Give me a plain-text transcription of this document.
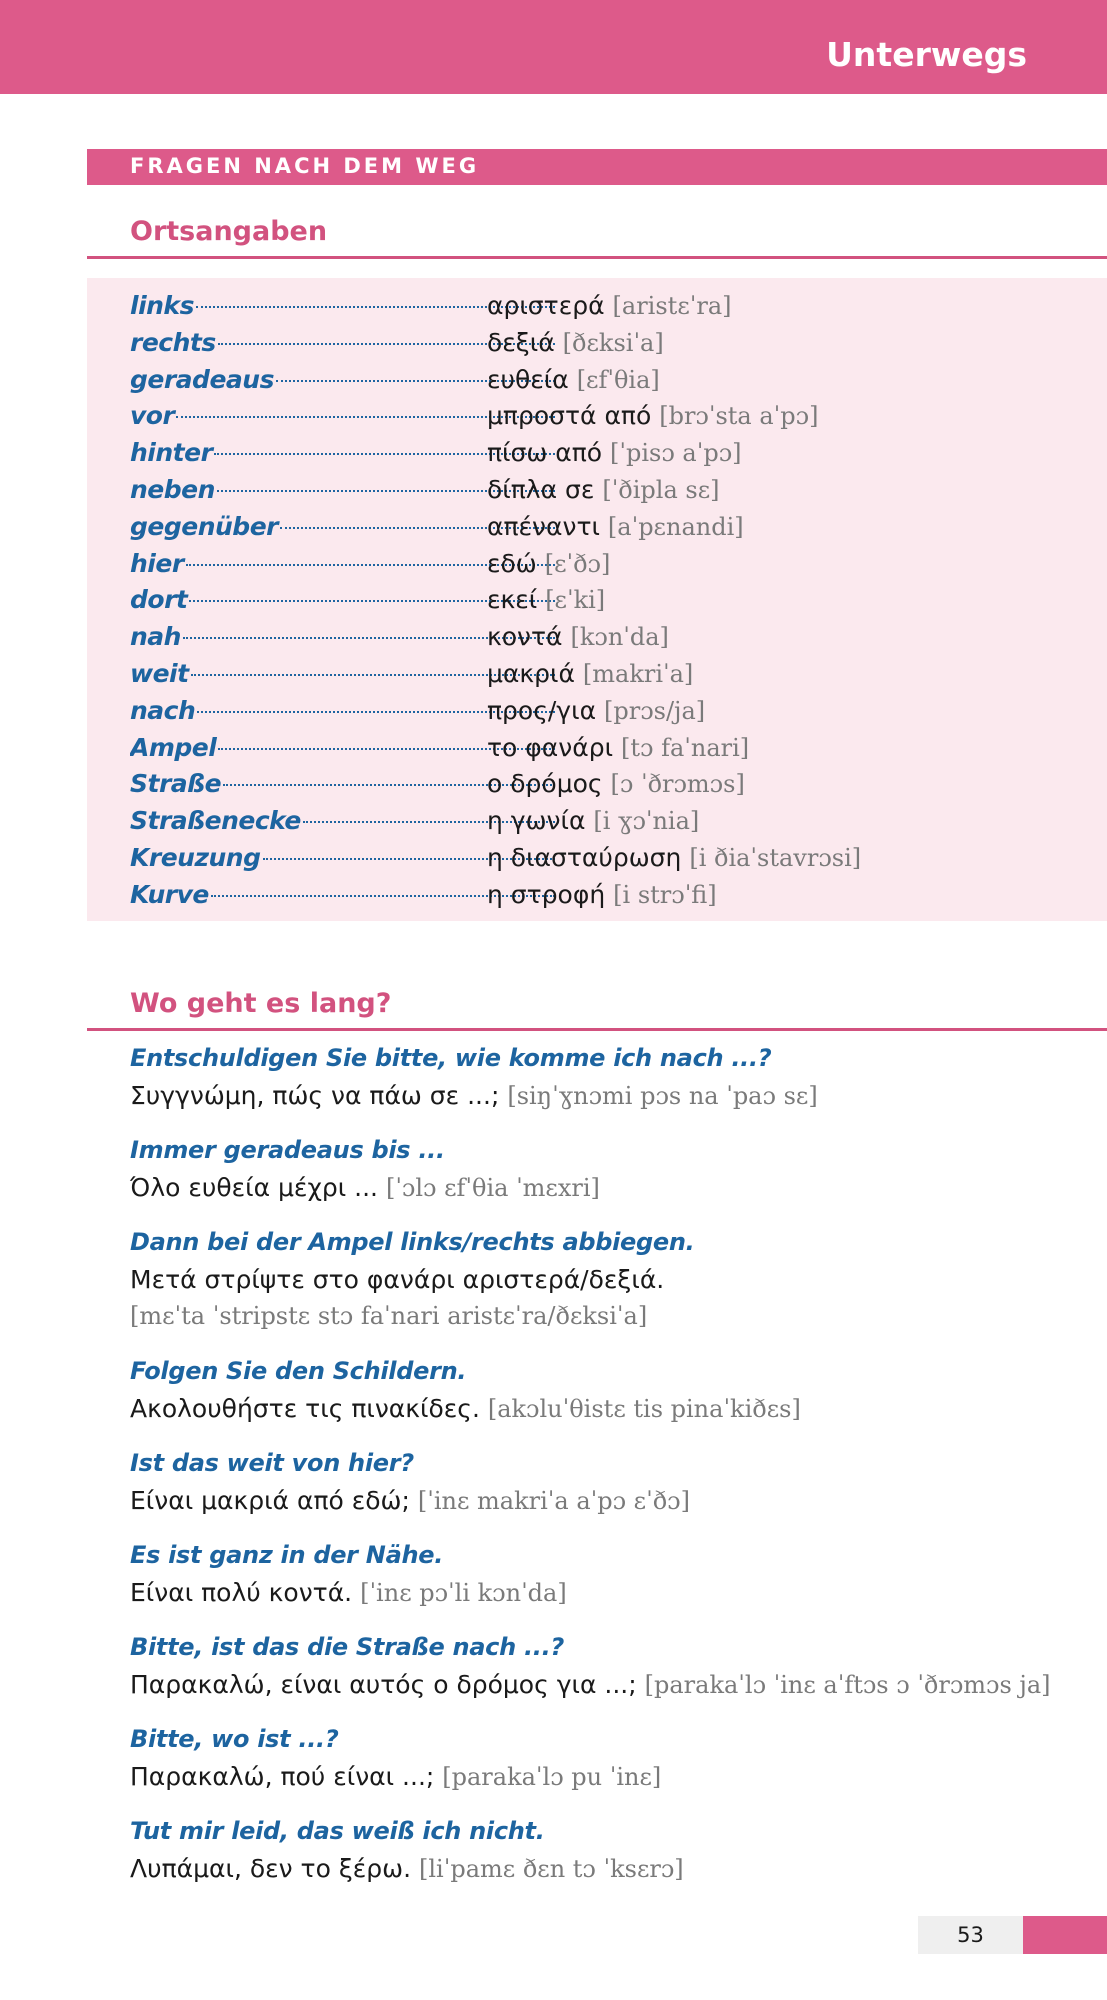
Unterwegs
FRAGEN NACH DEM WEG
Ortsangaben
links	αριστερά [aristɛˈra]
rechts	δεξιά [ðɛksiˈa]
geradeaus	ευθεία [ɛfˈθia]
vor	μπροστά από [brɔˈsta aˈpɔ]
hinter	πίσω από [ˈpisɔ aˈpɔ]
neben	δίπλα σε [ˈðipla sɛ]
gegenüber	απέναντι [aˈpɛnandi]
hier	εδώ [ɛˈðɔ]
dort	εκεί [ɛˈki]
nah	κοντά [kɔnˈda]
weit	μακριά [makriˈa]
nach	προς/για [prɔs/ja]
Ampel	το φανάρι [tɔ faˈnari]
Straße	ο δρόμος [ɔ ˈðrɔmɔs]
Straßenecke	η γωνία [i ɣɔˈnia]
Kreuzung	η διασταύρωση [i ðiaˈstavrɔsi]
Kurve	η στροφή [i strɔˈfi]
Wo geht es lang?
Entschuldigen Sie bitte, wie komme ich nach ...?
Συγγνώμη, πώς να πάω σε ...; [siŋˈɣnɔmi pɔs na ˈpaɔ sɛ]
Immer geradeaus bis ...
Όλο ευθεία μέχρι ... [ˈɔlɔ ɛfˈθia ˈmɛxri]
Dann bei der Ampel links/rechts abbiegen.
Μετά στρίψτε στο φανάρι αριστερά/δεξιά.
[mɛˈta ˈstripstɛ stɔ faˈnari aristɛˈra/ðɛksiˈa]
Folgen Sie den Schildern.
Ακολουθήστε τις πινακίδες. [akɔluˈθistɛ tis pinaˈkiðɛs]
Ist das weit von hier?
Είναι μακριά από εδώ; [ˈinɛ makriˈa aˈpɔ ɛˈðɔ]
Es ist ganz in der Nähe.
Είναι πολύ κοντά. [ˈinɛ pɔˈli kɔnˈda]
Bitte, ist das die Straße nach ...?
Παρακαλώ, είναι αυτός ο δρόμος για ...; [parakaˈlɔ ˈinɛ aˈftɔs ɔ ˈðrɔmɔs ja]
Bitte, wo ist ...?
Παρακαλώ, πού είναι ...; [parakaˈlɔ pu ˈinɛ]
Tut mir leid, das weiß ich nicht.
Λυπάμαι, δεν το ξέρω. [liˈpamɛ ðɛn tɔ ˈksɛrɔ]
53
